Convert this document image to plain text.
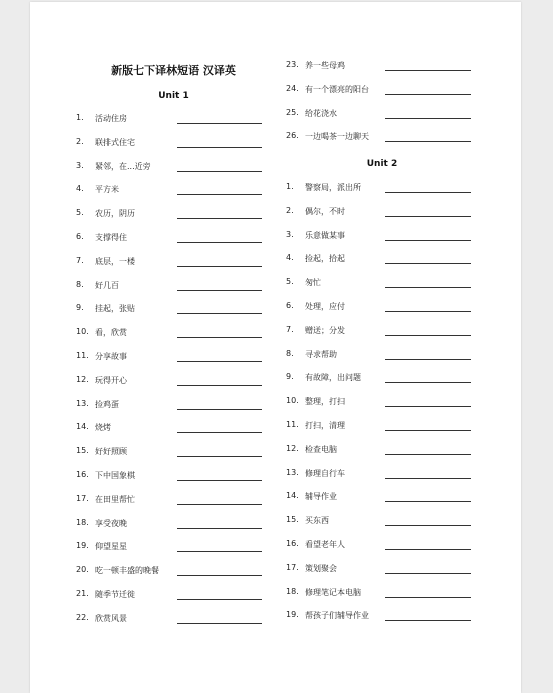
新版七下译林短语 汉译英
Unit 1
Unit 2
1.	活动住房
2.	联排式住宅
3.	紧邻，在...近旁
4.	平方米
5.	农历，阴历
6.	支撑得住
7.	底层，一楼
8.	好几百
9.	挂起，张贴
10. 看，欣赏
11. 分享故事
12. 玩得开心
13. 捡鸡蛋
14. 烧烤
15. 好好照顾
16. 下中国象棋
17. 在田里帮忙
18. 享受夜晚
19. 仰望星星
20. 吃一顿丰盛的晚餐
21. 随季节迁徙
22. 欣赏风景
23. 养一些母鸡
24. 有一个漂亮的阳台
25. 给花浇水
26. 一边喝茶一边聊天
1.	警察局，派出所
2.	偶尔，不时
3.	乐意做某事
4.	捡起，拾起
5.	匆忙
6.	处理，应付
7.	赠送；分发
8.	寻求帮助
9.	有故障，出问题
10. 整理，打扫
11. 打扫，清理
12. 检查电脑
13. 修理自行车
14. 辅导作业
15. 买东西
16. 看望老年人
17. 策划聚会
18. 修理笔记本电脑
19. 帮孩子们辅导作业
